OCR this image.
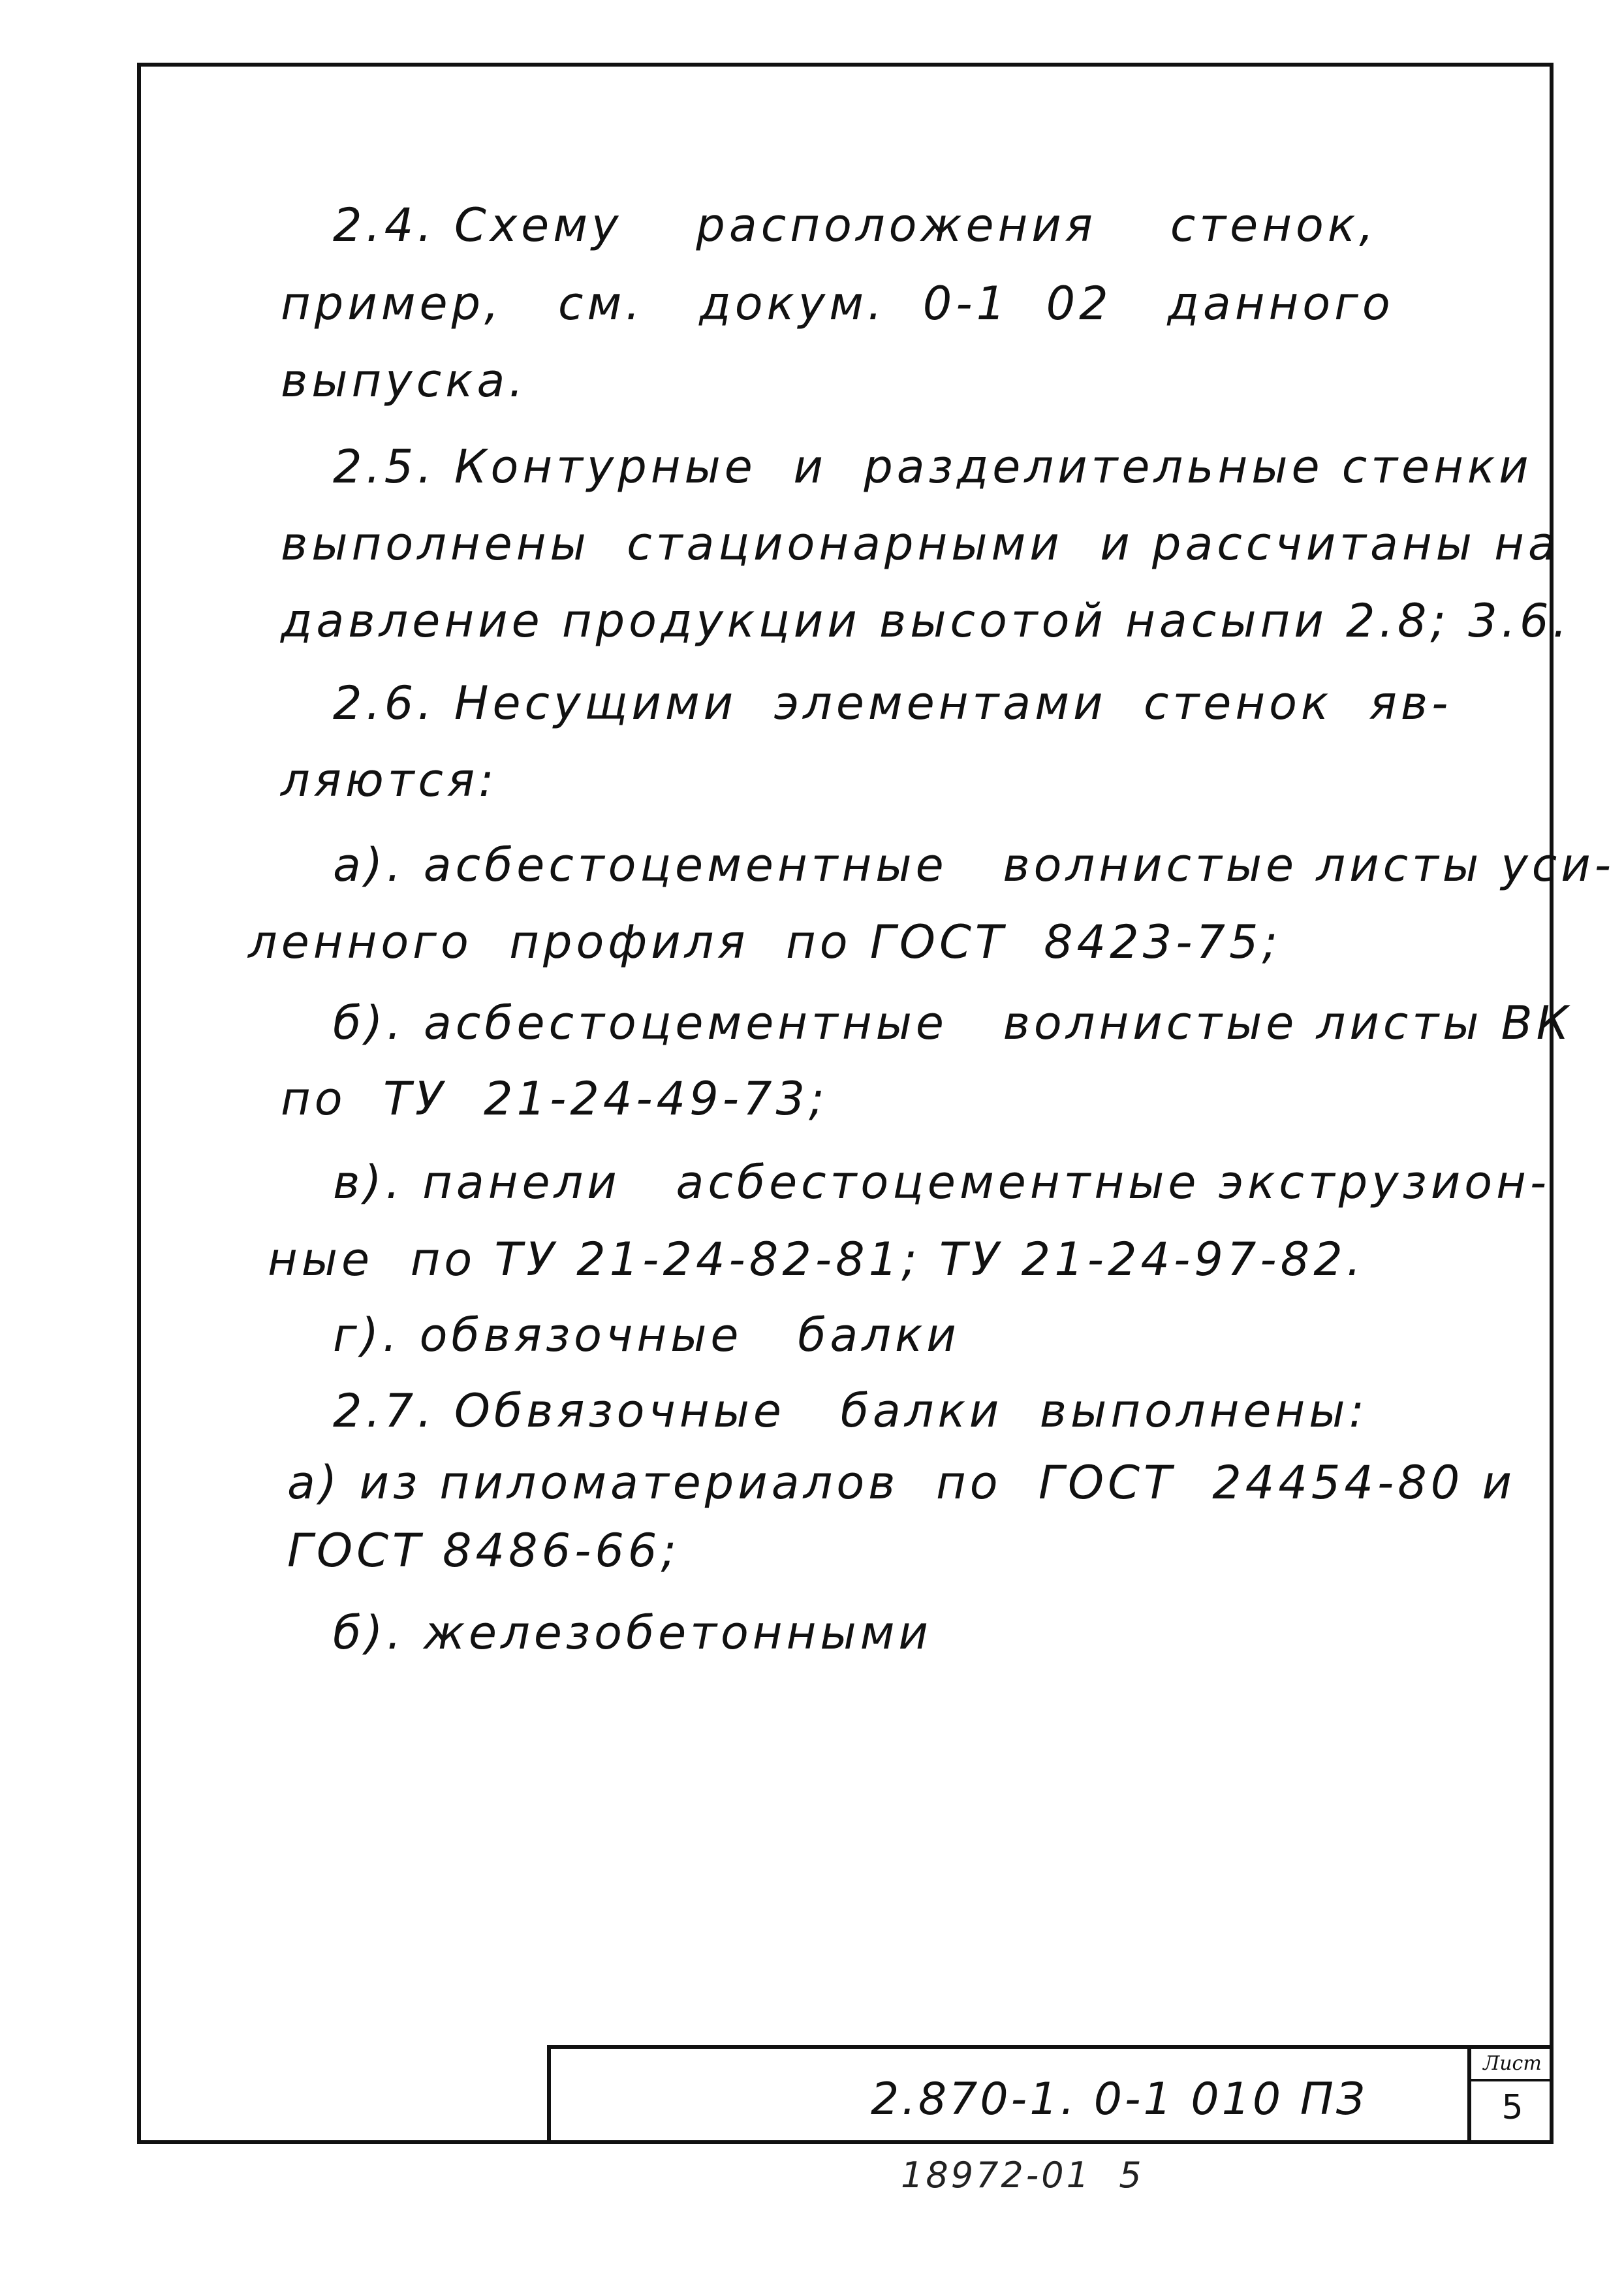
2.4. Схему    расположения    стенок,
пример,   см.   докум.  0-1  02   данного
выпуска.
2.5. Контурные  и  разделительные стенки
выполнены  стационарными  и рассчитаны на
давление продукции высотой насыпи 2.8; 3.6.
2.6. Несущими  элементами  стенок  яв-
ляются:
а). асбестоцементные   волнистые листы уси-
ленного  профиля  по ГОСТ  8423-75;
б). асбестоцементные   волнистые листы ВК
по  ТУ  21-24-49-73;
в). панели   асбестоцементные экструзион-
ные  по ТУ 21-24-82-81; ТУ 21-24-97-82.
г). обвязочные   балки
2.7. Обвязочные   балки  выполнены:
а) из пиломатериалов  по  ГОСТ  24454-80 и
ГОСТ 8486-66;
б). железобетонными
2.870-1. 0-1 010 ПЗ
Лист
5
18972-01  5
